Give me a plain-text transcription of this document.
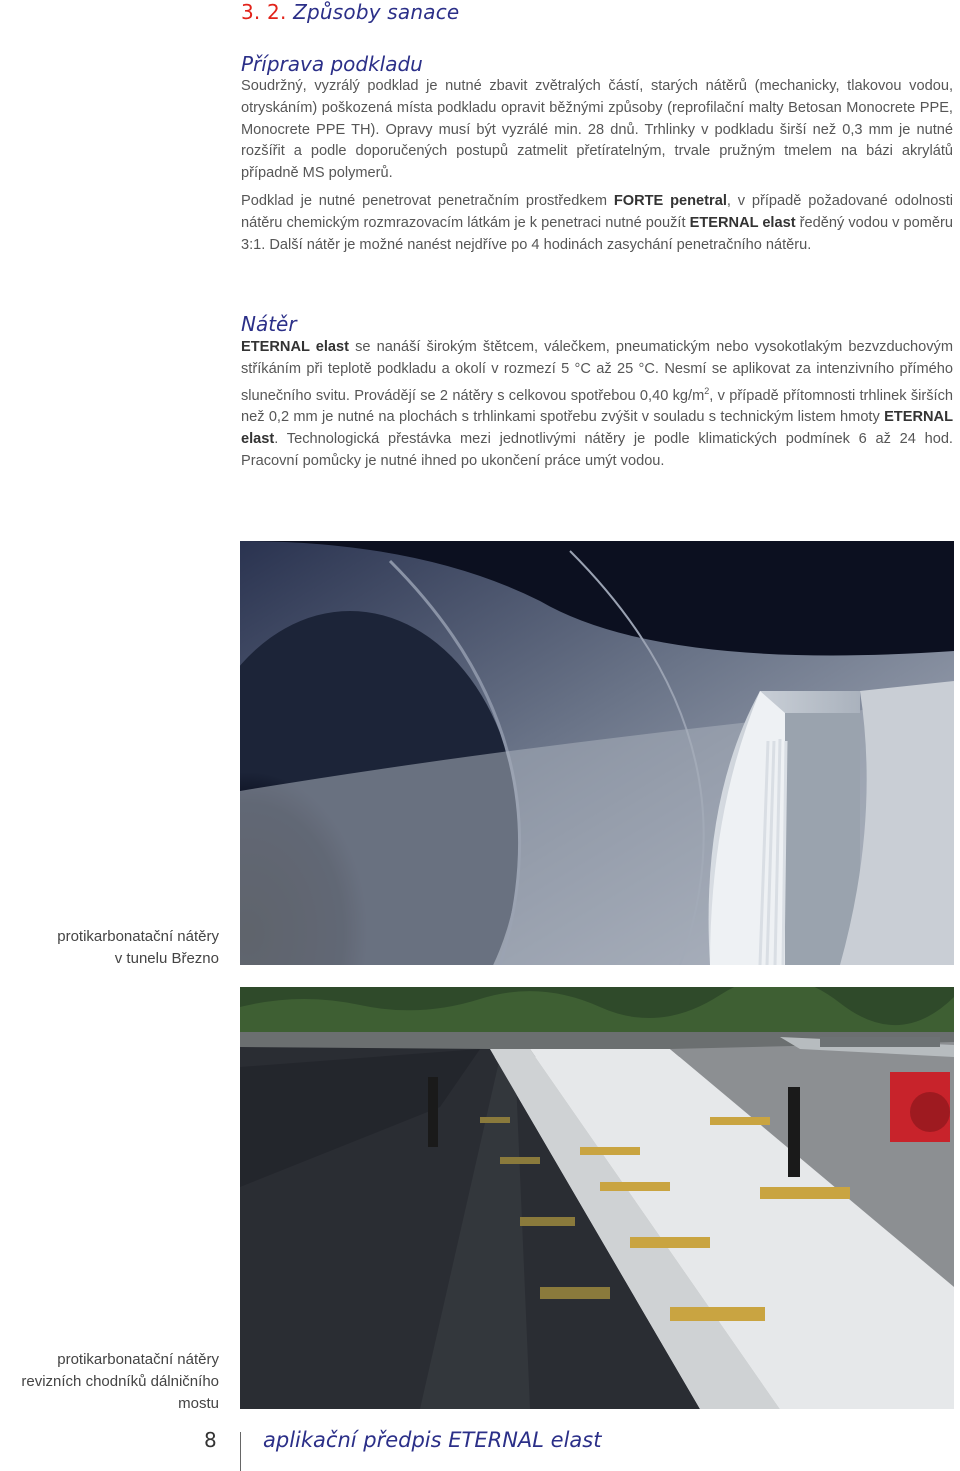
3. 2. Způsoby sanace
Příprava podkladu
Soudržný, vyzrálý podklad je nutné zbavit zvětralých částí, starých nátěrů (mechanicky, tlakovou vodou, otryskáním) poškozená místa podkladu opravit běžnými způsoby (reprofilační malty Betosan Monocrete PPE, Monocrete PPE TH). Opravy musí být vyzrálé min. 28 dnů. Trhlinky v podkladu širší než 0,3 mm je nutné rozšířit a podle doporučených postupů zatmelit přetíratelným, trvale pružným tmelem na bázi akrylátů případně MS polymerů.
Podklad je nutné penetrovat penetračním prostředkem FORTE penetral, v případě požadované odolnosti nátěru chemickým rozmrazovacím látkám je k penetraci nutné použít ETERNAL elast ředěný vodou v poměru 3:1. Další nátěr je možné nanést nejdříve po 4 hodinách zasychání penetračního nátěru.
Nátěr
ETERNAL elast se nanáší širokým štětcem, válečkem, pneumatickým nebo vysokotlakým bezvzduchovým stříkáním při teplotě podkladu a okolí v rozmezí 5 °C až 25 °C. Nesmí se aplikovat za intenzivního přímého slunečního svitu. Provádějí se 2 nátěry s celkovou spotřebou 0,40 $kg/m^2$, v případě přítomnosti trhlinek širších než 0,2 mm je nutné na plochách s trhlinkami spotřebu zvýšit v souladu s technickým listem hmoty ETERNAL elast. Technologická přestávka mezi jednotlivými nátěry je podle klimatických podmínek 6 až 24 hod. Pracovní pomůcky je nutné ihned po ukončení práce umýt vodou.
protikarbonatační nátěry
v tunelu Březno
protikarbonatační nátěry
revizních chodníků dálničního
mostu
8 aplikační předpis ETERNAL elast
